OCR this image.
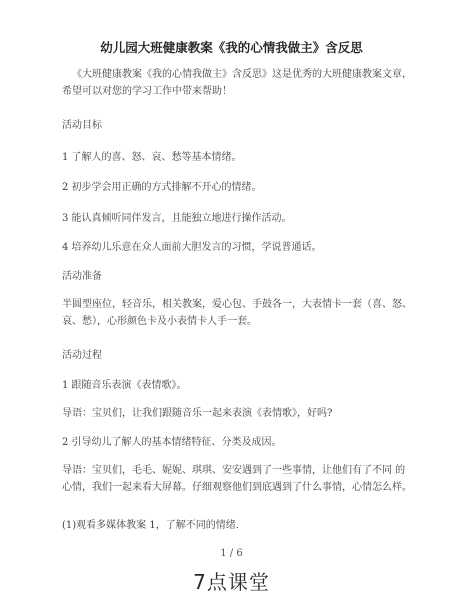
幼儿园大班健康教案《我的心情我做主》含反思
《大班健康教案《我的心情我做主》含反思》这是优秀的大班健康教案文章，
希望可以对您的学习工作中带来帮助！
活动目标
1 了解人的喜、怒、哀、愁等基本情绪。
2 初步学会用正确的方式排解不开心的情绪。
3 能认真倾听同伴发言，且能独立地进行操作活动。
4 培养幼儿乐意在众人面前大胆发言的习惯，学说普通话。
活动准备
半圆型座位，轻音乐，相关教案，爱心包、手鼓各一，大表情卡一套（喜、怒、
哀、愁），心形颜色卡及小表情卡人手一套。
活动过程
1 跟随音乐表演《表情歌》。
导语：宝贝们，让我们跟随音乐一起来表演《表情歌》，好吗?
2 引导幼儿了解人的基本情绪特征、分类及成因。
导语：宝贝们，毛毛、妮妮、琪琪、安安遇到了一些事情，让他们有了不同 的
心情，我们一起来看大屏幕。仔细观察他们到底遇到了什么事情，心情怎么样。
(1)观看多媒体教案 1，了解不同的情绪．
1 / 6
7点课堂
